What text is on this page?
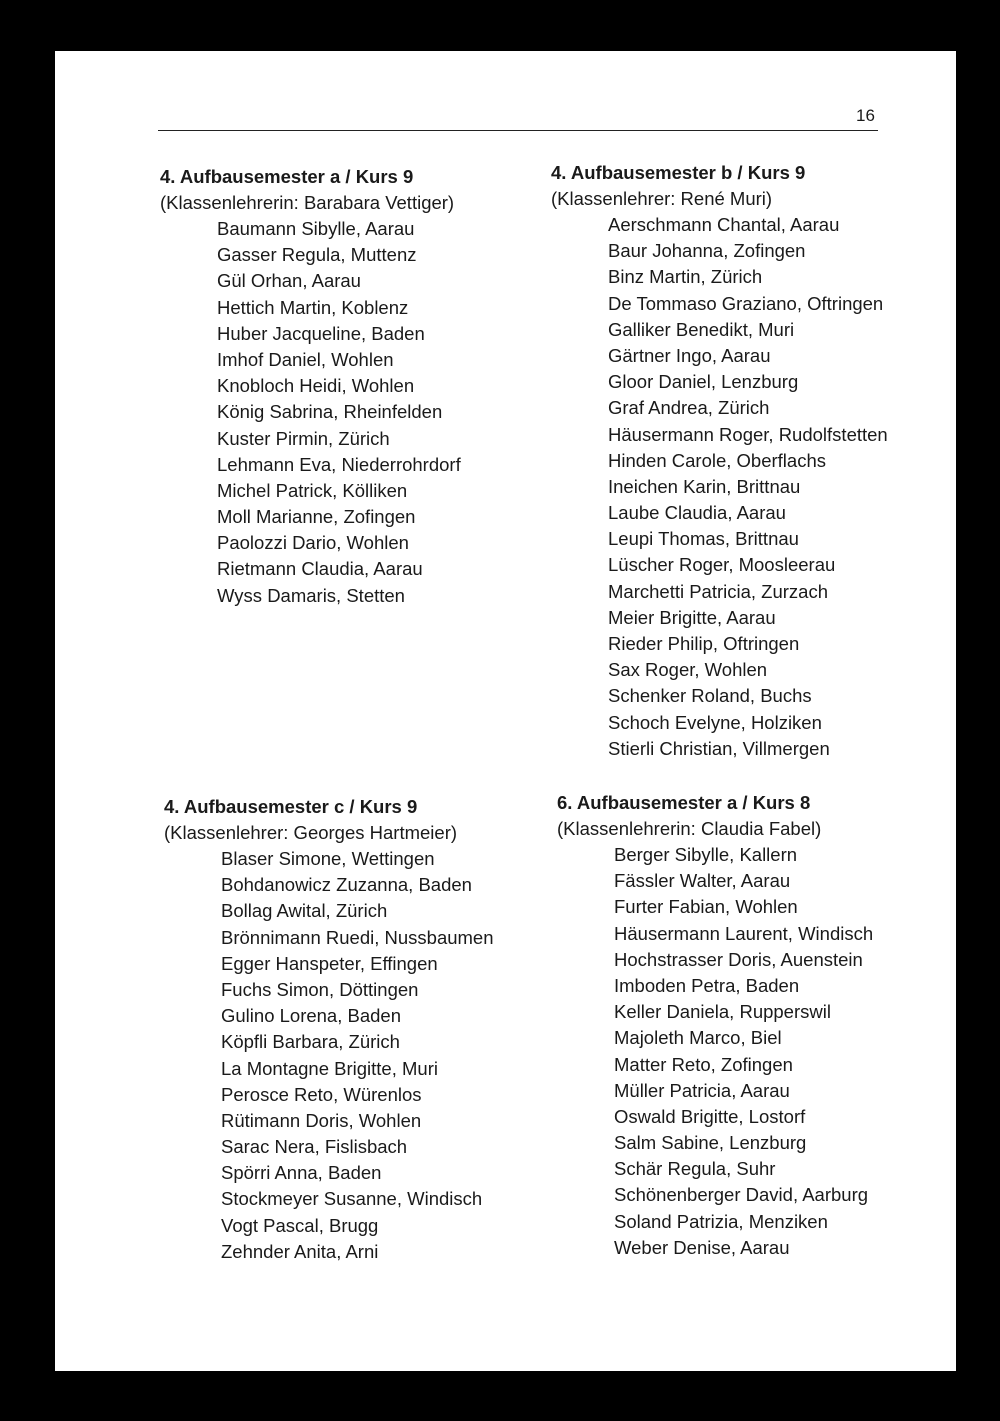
16
4. Aufbausemester a / Kurs 9
(Klassenlehrerin: Barabara Vettiger)
Baumann Sibylle, Aarau
Gasser Regula, Muttenz
Gül Orhan, Aarau
Hettich Martin, Koblenz
Huber Jacqueline, Baden
Imhof Daniel, Wohlen
Knobloch Heidi, Wohlen
König Sabrina, Rheinfelden
Kuster Pirmin, Zürich
Lehmann Eva, Niederrohrdorf
Michel Patrick, Kölliken
Moll Marianne, Zofingen
Paolozzi Dario, Wohlen
Rietmann Claudia, Aarau
Wyss Damaris, Stetten
4. Aufbausemester b / Kurs 9
(Klassenlehrer: René Muri)
Aerschmann Chantal, Aarau
Baur Johanna, Zofingen
Binz Martin, Zürich
De Tommaso Graziano, Oftringen
Galliker Benedikt, Muri
Gärtner Ingo, Aarau
Gloor Daniel, Lenzburg
Graf Andrea, Zürich
Häusermann Roger, Rudolfstetten
Hinden Carole, Oberflachs
Ineichen Karin, Brittnau
Laube Claudia, Aarau
Leupi Thomas, Brittnau
Lüscher Roger, Moosleerau
Marchetti Patricia, Zurzach
Meier Brigitte, Aarau
Rieder Philip, Oftringen
Sax Roger, Wohlen
Schenker Roland, Buchs
Schoch Evelyne, Holziken
Stierli Christian, Villmergen
4. Aufbausemester c / Kurs 9
(Klassenlehrer: Georges Hartmeier)
Blaser Simone, Wettingen
Bohdanowicz Zuzanna, Baden
Bollag Awital, Zürich
Brönnimann Ruedi, Nussbaumen
Egger Hanspeter, Effingen
Fuchs Simon, Döttingen
Gulino Lorena, Baden
Köpfli Barbara, Zürich
La Montagne Brigitte, Muri
Perosce Reto, Würenlos
Rütimann Doris, Wohlen
Sarac Nera, Fislisbach
Spörri Anna, Baden
Stockmeyer Susanne, Windisch
Vogt Pascal, Brugg
Zehnder Anita, Arni
6. Aufbausemester a / Kurs 8
(Klassenlehrerin: Claudia Fabel)
Berger Sibylle, Kallern
Fässler Walter, Aarau
Furter Fabian, Wohlen
Häusermann Laurent, Windisch
Hochstrasser Doris, Auenstein
Imboden Petra, Baden
Keller Daniela, Rupperswil
Majoleth Marco, Biel
Matter Reto, Zofingen
Müller Patricia, Aarau
Oswald Brigitte, Lostorf
Salm Sabine, Lenzburg
Schär Regula, Suhr
Schönenberger David, Aarburg
Soland Patrizia, Menziken
Weber Denise, Aarau
